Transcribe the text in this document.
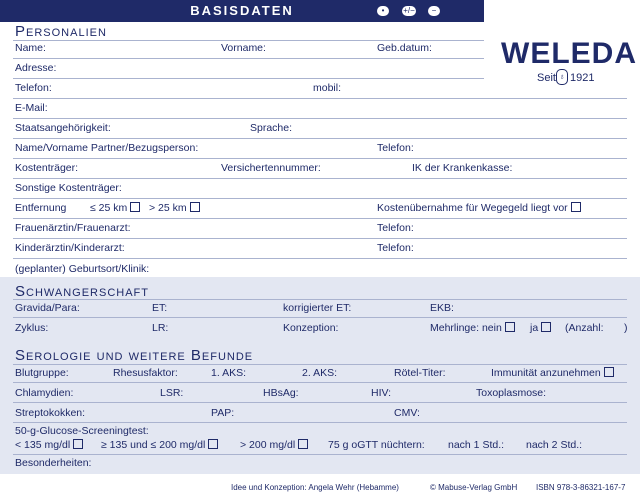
BASISDATEN	•	+/−	−
WELEDA
Seit ♁ 1921
Personalien
Name:	Vorname:	Geb.datum:
Adresse:
Telefon:	mobil:
E-Mail:
Staatsangehörigkeit:	Sprache:
Name/Vorname Partner/Bezugsperson:	Telefon:
Kostenträger:	Versichertennummer:	IK der Krankenkasse:
Sonstige Kostenträger:
Entfernung ≤ 25 km	> 25 km	Kostenübernahme für Wegegeld liegt vor
Frauenärztin/Frauenarzt:	Telefon:
Kinderärztin/Kinderarzt:	Telefon:
(geplanter) Geburtsort/Klinik:
Schwangerschaft
Gravida/Para:	ET:	korrigierter ET:	EKB:
Zyklus:	LR:	Konzeption:	Mehrlinge: nein	ja	(Anzahl: )
Serologie und weitere Befunde
Blutgruppe:	Rhesusfaktor:	1. AKS:	2. AKS:	Rötel-Titer:	Immunität anzunehmen
Chlamydien:	LSR:	HBsAg:	HIV:	Toxoplasmose:
Streptokokken:	PAP:	CMV:
50-g-Glucose-Screeningtest:
< 135 mg/dl	≥ 135 und ≤ 200 mg/dl	> 200 mg/dl	75 g oGTT nüchtern: nach 1 Std.: nach 2 Std.:
Besonderheiten:
Idee und Konzeption: Angela Wehr (Hebamme)	© Mabuse-Verlag GmbH ISBN 978-3-86321-167-7
